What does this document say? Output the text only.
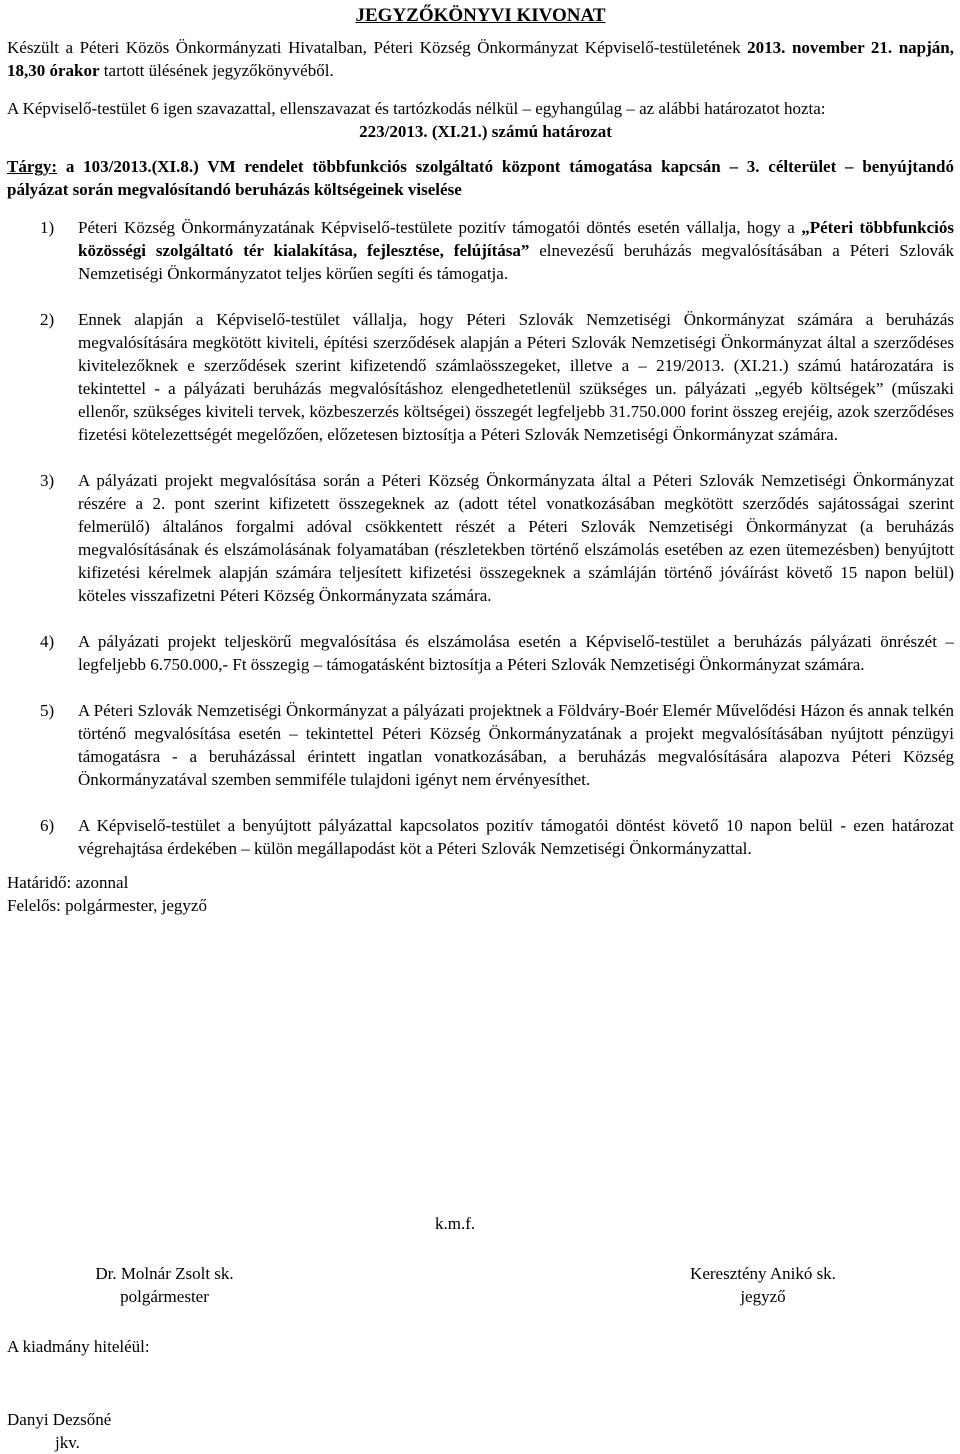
JEGYZŐKÖNYVI KIVONAT

Készült a Péteri Közös Önkormányzati Hivatalban, Péteri Község Önkormányzat Képviselő-testületének 2013. november 21. napján, 18,30 órakor tartott ülésének jegyzőkönyvéből.

A Képviselő-testület 6 igen szavazattal, ellenszavazat és tartózkodás nélkül – egyhangúlag – az alábbi határozatot hozta:

223/2013. (XI.21.) számú határozat

Tárgy: a 103/2013.(XI.8.) VM rendelet többfunkciós szolgáltató központ támogatása kapcsán – 3. célterület – benyújtandó pályázat során megvalósítandó beruházás költségeinek viselése

1) Péteri Község Önkormányzatának Képviselő-testülete pozitív támogatói döntés esetén vállalja, hogy a „Péteri többfunkciós közösségi szolgáltató tér kialakítása, fejlesztése, felújítása” elnevezésű beruházás megvalósításában a Péteri Szlovák Nemzetiségi Önkormányzatot teljes körűen segíti és támogatja.
2) Ennek alapján a Képviselő-testület vállalja, hogy Péteri Szlovák Nemzetiségi Önkormányzat számára a beruházás megvalósítására megkötött kiviteli, építési szerződések alapján a Péteri Szlovák Nemzetiségi Önkormányzat által a szerződéses kivitelezőknek e szerződések szerint kifizetendő számlaösszegeket, illetve a – 219/2013. (XI.21.) számú határozatára is tekintettel - a pályázati beruházás megvalósításhoz elengedhetetlenül szükséges un. pályázati „egyéb költségek” (műszaki ellenőr, szükséges kiviteli tervek, közbeszerzés költségei) összegét legfeljebb 31.750.000 forint összeg erejéig, azok szerződéses fizetési kötelezettségét megelőzően, előzetesen biztosítja a Péteri Szlovák Nemzetiségi Önkormányzat számára.
3) A pályázati projekt megvalósítása során a Péteri Község Önkormányzata által a Péteri Szlovák Nemzetiségi Önkormányzat részére a 2. pont szerint kifizetett összegeknek az (adott tétel vonatkozásában megkötött szerződés sajátosságai szerint felmerülő) általános forgalmi adóval csökkentett részét a Péteri Szlovák Nemzetiségi Önkormányzat (a beruházás megvalósításának és elszámolásának folyamatában (részletekben történő elszámolás esetében az ezen ütemezésben) benyújtott kifizetési kérelmek alapján számára teljesített kifizetési összegeknek a számláján történő jóváírást követő 15 napon belül) köteles visszafizetni Péteri Község Önkormányzata számára.
4) A pályázati projekt teljeskörű megvalósítása és elszámolása esetén a Képviselő-testület a beruházás pályázati önrészét – legfeljebb 6.750.000,- Ft összegig – támogatásként biztosítja a Péteri Szlovák Nemzetiségi Önkormányzat számára.
5) A Péteri Szlovák Nemzetiségi Önkormányzat a pályázati projektnek a Földváry-Boér Elemér Művelődési Házon és annak telkén történő megvalósítása esetén – tekintettel Péteri Község Önkormányzatának a projekt megvalósításában nyújtott pénzügyi támogatásra - a beruházással érintett ingatlan vonatkozásában, a beruházás megvalósítására alapozva Péteri Község Önkormányzatával szemben semmiféle tulajdoni igényt nem érvényesíthet.
6) A Képviselő-testület a benyújtott pályázattal kapcsolatos pozitív támogatói döntést követő 10 napon belül - ezen határozat végrehajtása érdekében – külön megállapodást köt a Péteri Szlovák Nemzetiségi Önkormányzattal.

Határidő: azonnal

Felelős: polgármester, jegyző

k.m.f.
Dr. Molnár Zsolt sk.
polgármester
Keresztény Anikó sk.
jegyző
A kiadmány hiteléül:
Danyi Dezsőné
jkv.
